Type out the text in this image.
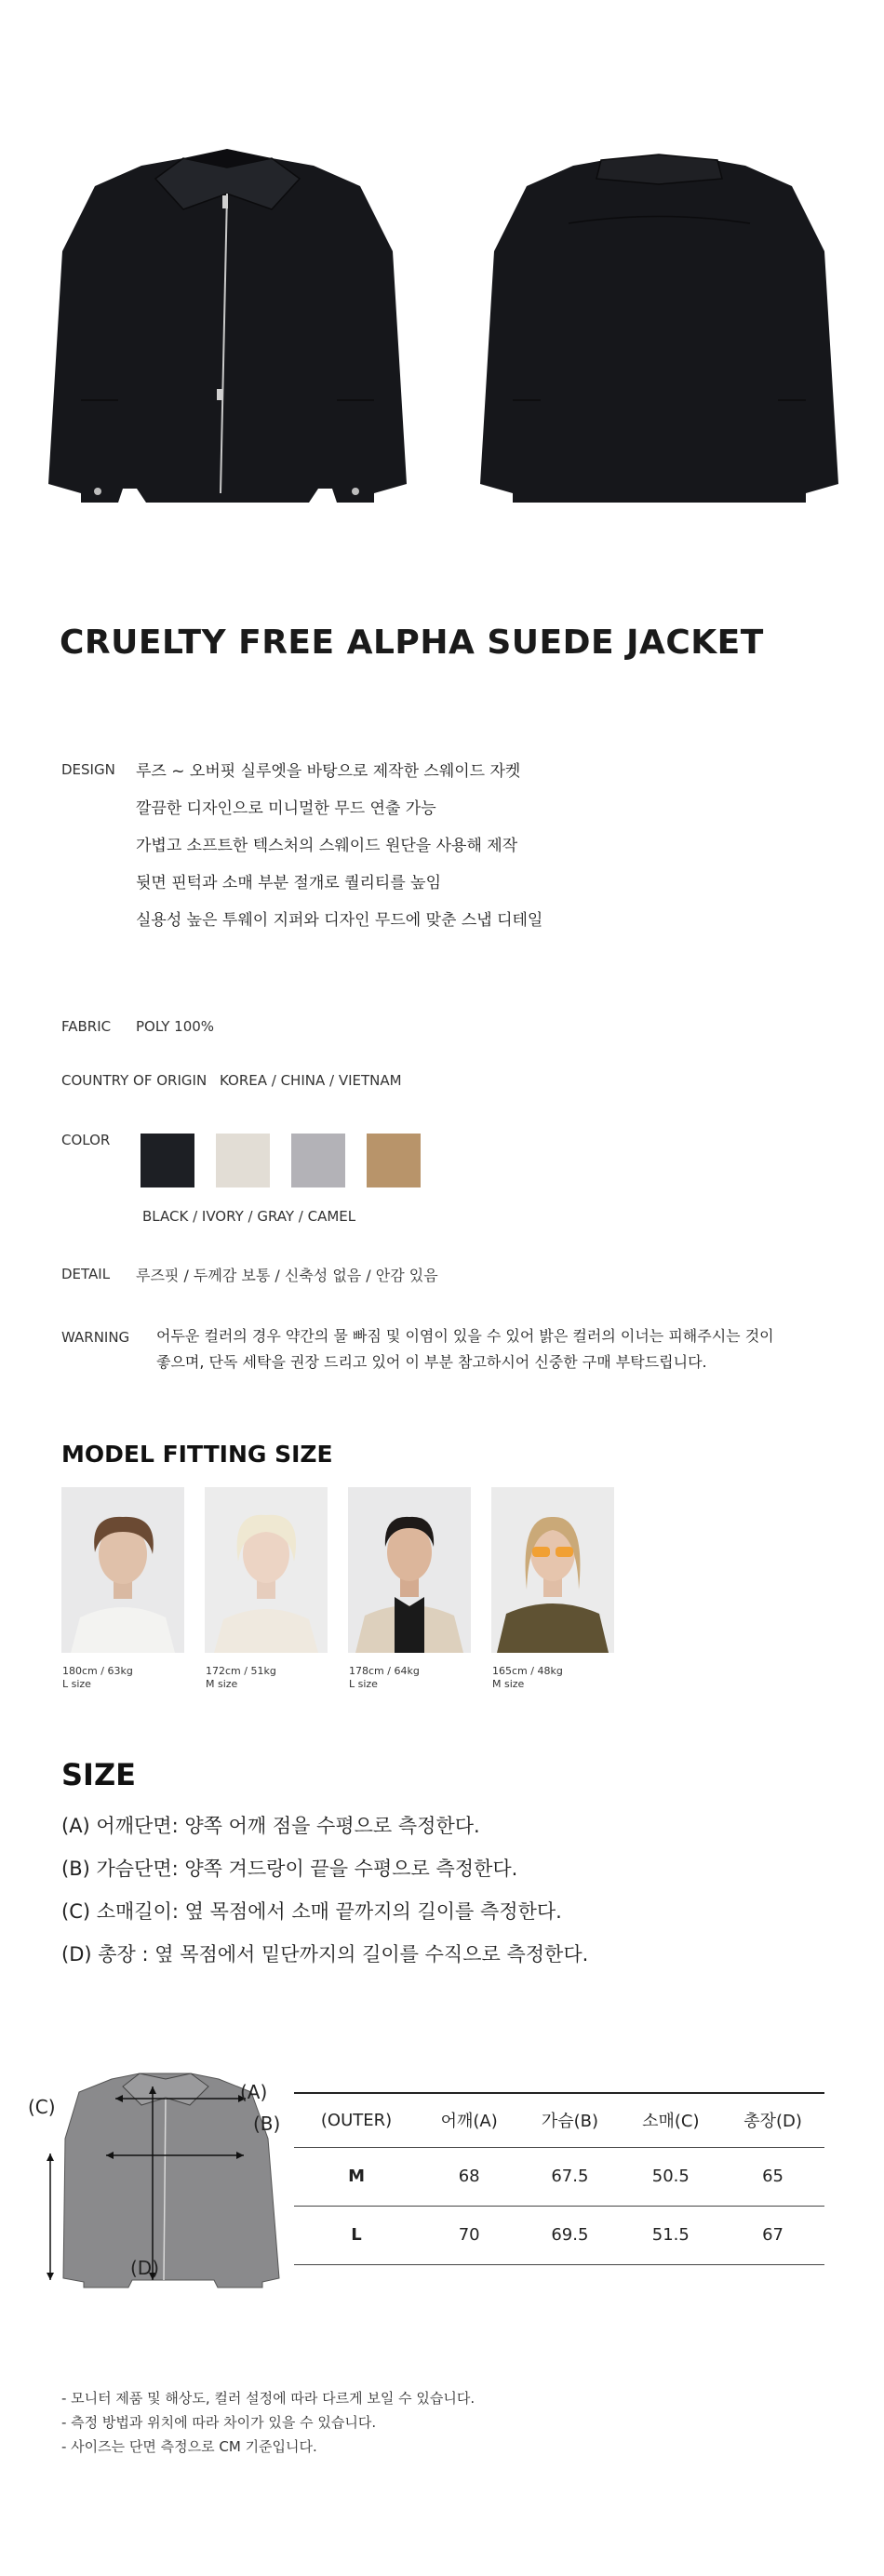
CRUELTY FREE ALPHA SUEDE JACKET
DESIGN 루즈 ~ 오버핏 실루엣을 바탕으로 제작한 스웨이드 자켓
깔끔한 디자인으로 미니멀한 무드 연출 가능
가볍고 소프트한 텍스처의 스웨이드 원단을 사용해 제작
뒷면 핀턱과 소매 부분 절개로 퀄리티를 높임
실용성 높은 투웨이 지퍼와 디자인 무드에 맞춘 스냅 디테일
FABRIC POLY 100%
COUNTRY OF ORIGIN KOREA / CHINA / VIETNAM
COLOR
BLACK / IVORY / GRAY / CAMEL
DETAIL 루즈핏 / 두께감 보통 / 신축성 없음 / 안감 있음
WARNING 어두운 컬러의 경우 약간의 물 빠짐 및 이염이 있을 수 있어 밝은 컬러의 이너는 피해주시는 것이
좋으며, 단독 세탁을 권장 드리고 있어 이 부분 참고하시어 신중한 구매 부탁드립니다.
MODEL FITTING SIZE
180cm / 63kg
L size
172cm / 51kg
M size
178cm / 64kg
L size
165cm / 48kg
M size
SIZE
(A) 어깨단면: 양쪽 어깨 점을 수평으로 측정한다.
(B) 가슴단면: 양쪽 겨드랑이 끝을 수평으로 측정한다.
(C) 소매길이: 옆 목점에서 소매 끝까지의 길이를 측정한다.
(D) 총장 : 옆 목점에서 밑단까지의 길이를 수직으로 측정한다.
(A)
(B)
(C)
(D)
(OUTER)	어깨(A)	가슴(B)	소매(C)	총장(D)
M	68	67.5	50.5	65
L	70	69.5	51.5	67
- 모니터 제품 및 해상도, 컬러 설정에 따라 다르게 보일 수 있습니다.
- 측정 방법과 위치에 따라 차이가 있을 수 있습니다.
- 사이즈는 단면 측정으로 CM 기준입니다.
